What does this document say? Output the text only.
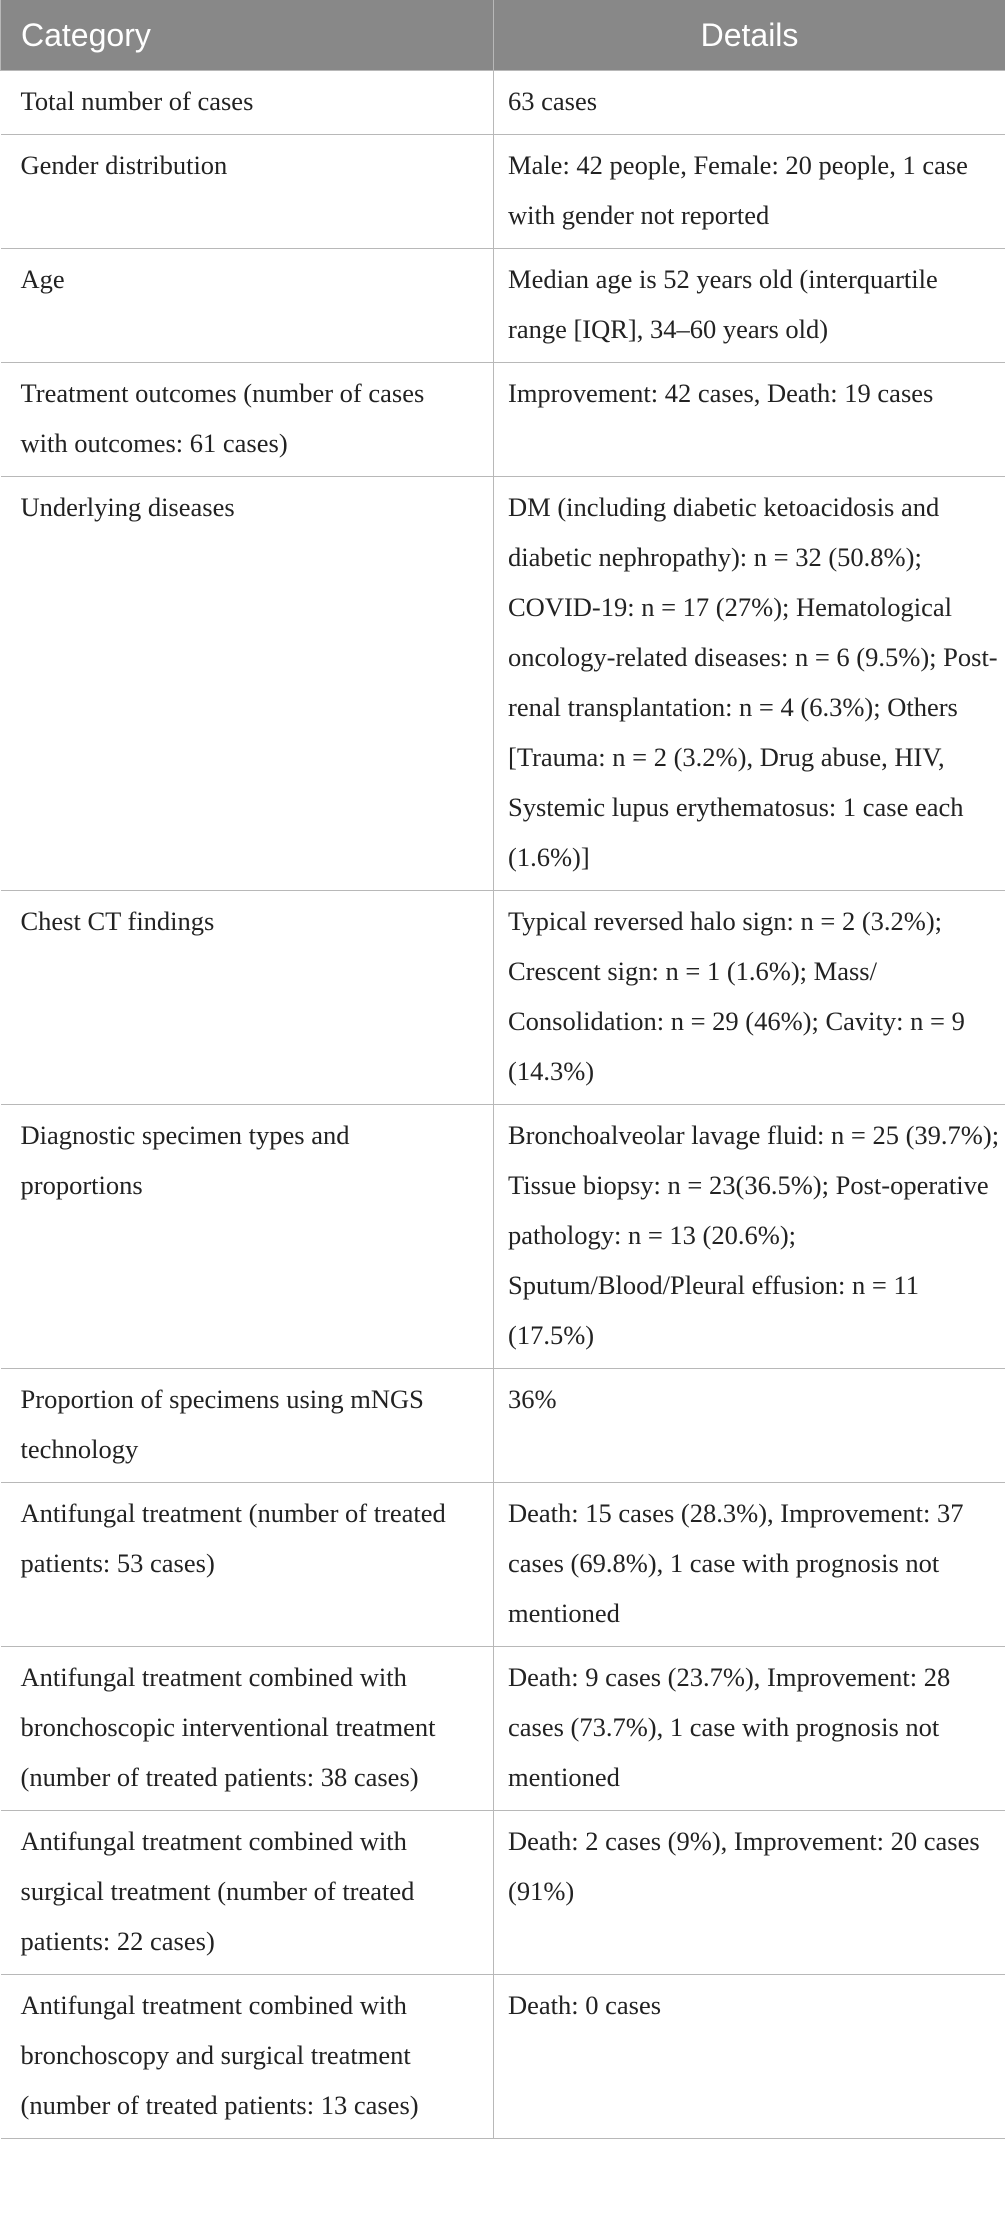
Category	Details
Total number of cases	63 cases
Gender distribution	Male: 42 people, Female: 20 people, 1 case with gender not reported
Age	Median age is 52 years old (interquartile range [IQR], 34–60 years old)
Treatment outcomes (number of cases with outcomes: 61 cases)	Improvement: 42 cases, Death: 19 cases
Underlying diseases	DM (including diabetic ketoacidosis and diabetic nephropathy): n = 32 (50.8%); COVID-19: n = 17 (27%); Hematological oncology-related diseases: n = 6 (9.5%); Post-renal transplantation: n = 4 (6.3%); Others [Trauma: n = 2 (3.2%), Drug abuse, HIV, Systemic lupus erythematosus: 1 case each (1.6%)]
Chest CT findings	Typical reversed halo sign: n = 2 (3.2%); Crescent sign: n = 1 (1.6%); Mass/ Consolidation: n = 29 (46%); Cavity: n = 9 (14.3%)
Diagnostic specimen types and proportions	Bronchoalveolar lavage fluid: n = 25 (39.7%); Tissue biopsy: n = 23(36.5%); Post-operative pathology: n = 13 (20.6%); Sputum/Blood/Pleural effusion: n = 11 (17.5%)
Proportion of specimens using mNGS technology	36%
Antifungal treatment (number of treated patients: 53 cases)	Death: 15 cases (28.3%), Improvement: 37 cases (69.8%), 1 case with prognosis not mentioned
Antifungal treatment combined with bronchoscopic interventional treatment (number of treated patients: 38 cases)	Death: 9 cases (23.7%), Improvement: 28 cases (73.7%), 1 case with prognosis not mentioned
Antifungal treatment combined with surgical treatment (number of treated patients: 22 cases)	Death: 2 cases (9%), Improvement: 20 cases (91%)
Antifungal treatment combined with bronchoscopy and surgical treatment (number of treated patients: 13 cases)	Death: 0 cases
